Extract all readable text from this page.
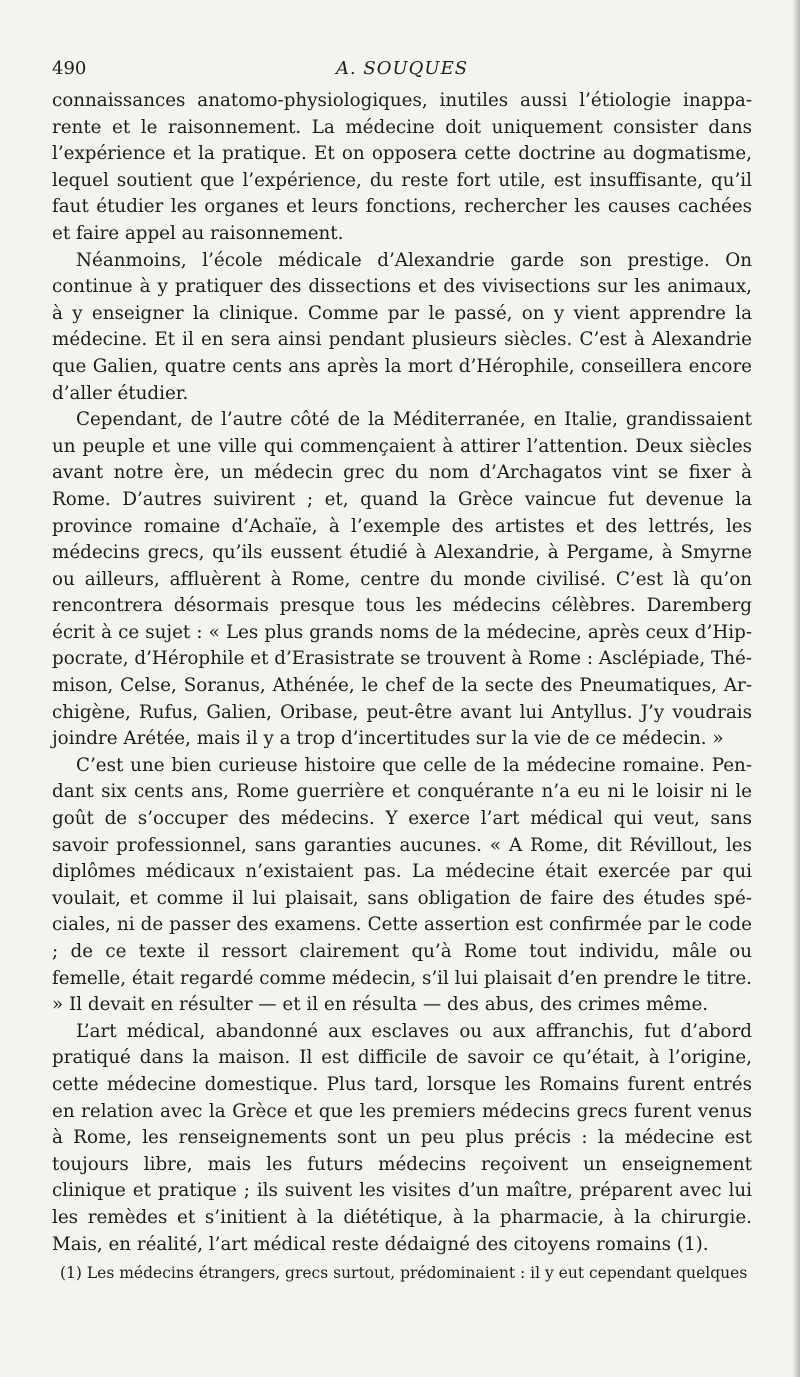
490	A. SOUQUES

connaissances anatomo-physiologiques, inutiles aussi l’étiologie inapparente et le raisonnement. La médecine doit uniquement consister dans l’expérience et la pratique. Et on opposera cette doctrine au dogmatisme, lequel soutient que l’expérience, du reste fort utile, est insuffisante, qu’il faut étudier les organes et leurs fonctions, rechercher les causes cachées et faire appel au raisonnement.

Néanmoins, l’école médicale d’Alexandrie garde son prestige. On continue à y pratiquer des dissections et des vivisections sur les animaux, à y enseigner la clinique. Comme par le passé, on y vient apprendre la médecine. Et il en sera ainsi pendant plusieurs siècles. C’est à Alexandrie que Galien, quatre cents ans après la mort d’Hérophile, conseillera encore d’aller étudier.

Cependant, de l’autre côté de la Méditerranée, en Italie, grandissaient un peuple et une ville qui commençaient à attirer l’attention. Deux siècles avant notre ère, un médecin grec du nom d’Archagatos vint se fixer à Rome. D’autres suivirent ; et, quand la Grèce vaincue fut devenue la province romaine d’Achaïe, à l’exemple des artistes et des lettrés, les médecins grecs, qu’ils eussent étudié à Alexandrie, à Pergame, à Smyrne ou ailleurs, affluèrent à Rome, centre du monde civilisé. C’est là qu’on rencontrera désormais presque tous les médecins célèbres. Daremberg écrit à ce sujet : « Les plus grands noms de la médecine, après ceux d’Hippocrate, d’Hérophile et d’Erasistrate se trouvent à Rome : Asclépiade, Thémison, Celse, Soranus, Athénée, le chef de la secte des Pneumatiques, Archigène, Rufus, Galien, Oribase, peut-être avant lui Antyllus. J’y voudrais joindre Arétée, mais il y a trop d’incertitudes sur la vie de ce médecin. »

C’est une bien curieuse histoire que celle de la médecine romaine. Pendant six cents ans, Rome guerrière et conquérante n’a eu ni le loisir ni le goût de s’occuper des médecins. Y exerce l’art médical qui veut, sans savoir professionnel, sans garanties aucunes. « A Rome, dit Révillout, les diplômes médicaux n’existaient pas. La médecine était exercée par qui voulait, et comme il lui plaisait, sans obligation de faire des études spéciales, ni de passer des examens. Cette assertion est confirmée par le code ; de ce texte il ressort clairement qu’à Rome tout individu, mâle ou femelle, était regardé comme médecin, s’il lui plaisait d’en prendre le titre. » Il devait en résulter — et il en résulta — des abus, des crimes même.

L’art médical, abandonné aux esclaves ou aux affranchis, fut d’abord pratiqué dans la maison. Il est difficile de savoir ce qu’était, à l’origine, cette médecine domestique. Plus tard, lorsque les Romains furent entrés en relation avec la Grèce et que les premiers médecins grecs furent venus à Rome, les renseignements sont un peu plus précis : la médecine est toujours libre, mais les futurs médecins reçoivent un enseignement clinique et pratique ; ils suivent les visites d’un maître, préparent avec lui les remèdes et s’initient à la diététique, à la pharmacie, à la chirurgie. Mais, en réalité, l’art médical reste dédaigné des citoyens romains (1).

(1) Les médecins étrangers, grecs surtout, prédominaient : il y eut cependant quelques
